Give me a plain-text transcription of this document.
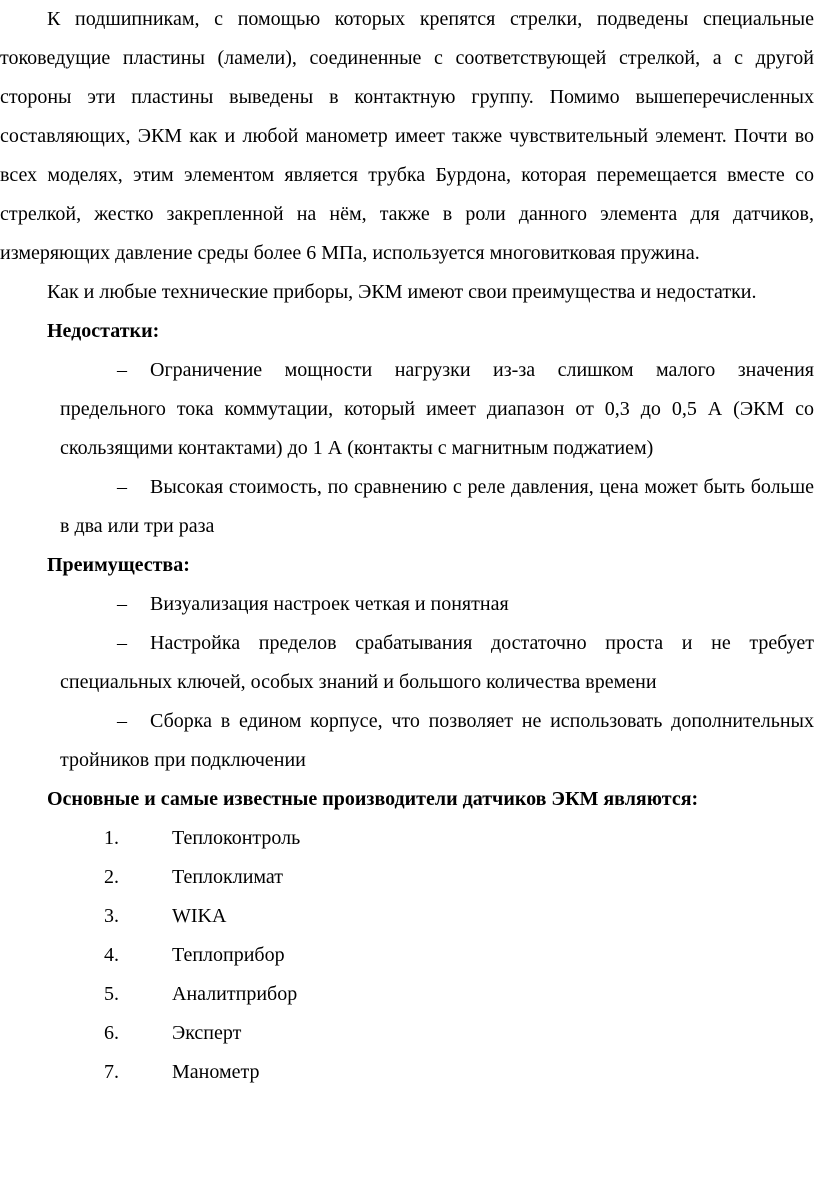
К подшипникам, с помощью которых крепятся стрелки, подведены специальные токоведущие пластины (ламели), соединенные с соответствующей стрелкой, а с другой стороны эти пластины выведены в контактную группу. Помимо вышеперечисленных составляющих, ЭКМ как и любой манометр имеет также чувствительный элемент. Почти во всех моделях, этим элементом является трубка Бурдона, которая перемещается вместе со стрелкой, жестко закрепленной на нём, также в роли данного элемента для датчиков, измеряющих давление среды более 6 МПа, используется многовитковая пружина.

Как и любые технические приборы, ЭКМ имеют свои преимущества и недостатки.

Недостатки:

– Ограничение мощности нагрузки из-за слишком малого значения предельного тока коммутации, который имеет диапазон от 0,3 до 0,5 А (ЭКМ со скользящими контактами) до 1 А (контакты с магнитным поджатием)

– Высокая стоимость, по сравнению с реле давления, цена может быть больше в два или три раза

Преимущества:

– Визуализация настроек четкая и понятная

– Настройка пределов срабатывания достаточно проста и не требует специальных ключей, особых знаний и большого количества времени

– Сборка в едином корпусе, что позволяет не использовать дополнительных тройников при подключении

Основные и самые известные производители датчиков ЭКМ являются:

1.	Теплоконтроль
2.	Теплоклимат
3.	WIKA
4.	Теплоприбор
5.	Аналитприбор
6.	Эксперт
7.	Манометр
